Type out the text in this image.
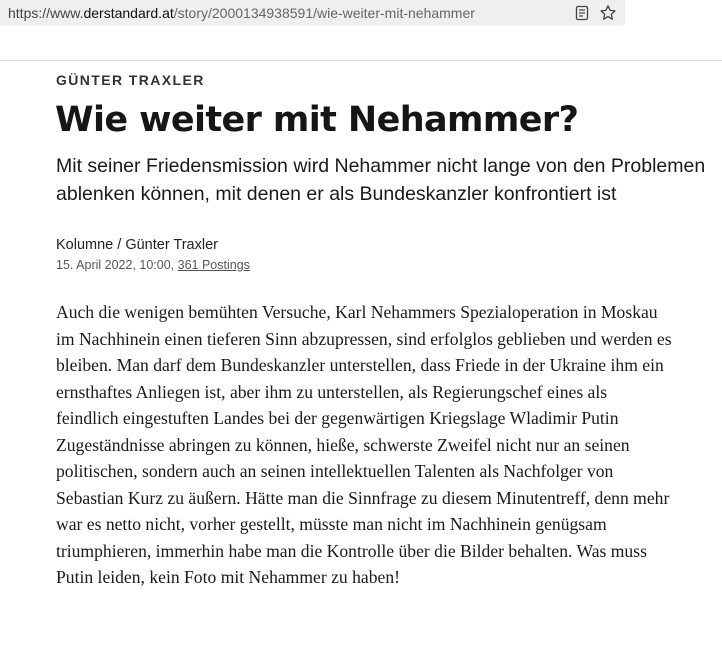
https://www.derstandard.at/story/2000134938591/wie-weiter-mit-nehammer
GÜNTER TRAXLER
Wie weiter mit Nehammer?
Mit seiner Friedensmission wird Nehammer nicht lange von den Problemen ablenken können, mit denen er als Bundeskanzler konfrontiert ist
Kolumne / Günter Traxler
15. April 2022, 10:00, 361 Postings

Auch die wenigen bemühten Versuche, Karl Nehammers Spezialoperation in Moskau im Nachhinein einen tieferen Sinn abzupressen, sind erfolglos geblieben und werden es bleiben. Man darf dem Bundeskanzler unterstellen, dass Friede in der Ukraine ihm ein ernsthaftes Anliegen ist, aber ihm zu unterstellen, als Regierungschef eines als feindlich eingestuften Landes bei der gegenwärtigen Kriegslage Wladimir Putin Zugeständnisse abringen zu können, hieße, schwerste Zweifel nicht nur an seinen politischen, sondern auch an seinen intellektuellen Talenten als Nachfolger von Sebastian Kurz zu äußern. Hätte man die Sinnfrage zu diesem Minutentreff, denn mehr war es netto nicht, vorher gestellt, müsste man nicht im Nachhinein genügsam triumphieren, immerhin habe man die Kontrolle über die Bilder behalten. Was muss Putin leiden, kein Foto mit Nehammer zu haben!
